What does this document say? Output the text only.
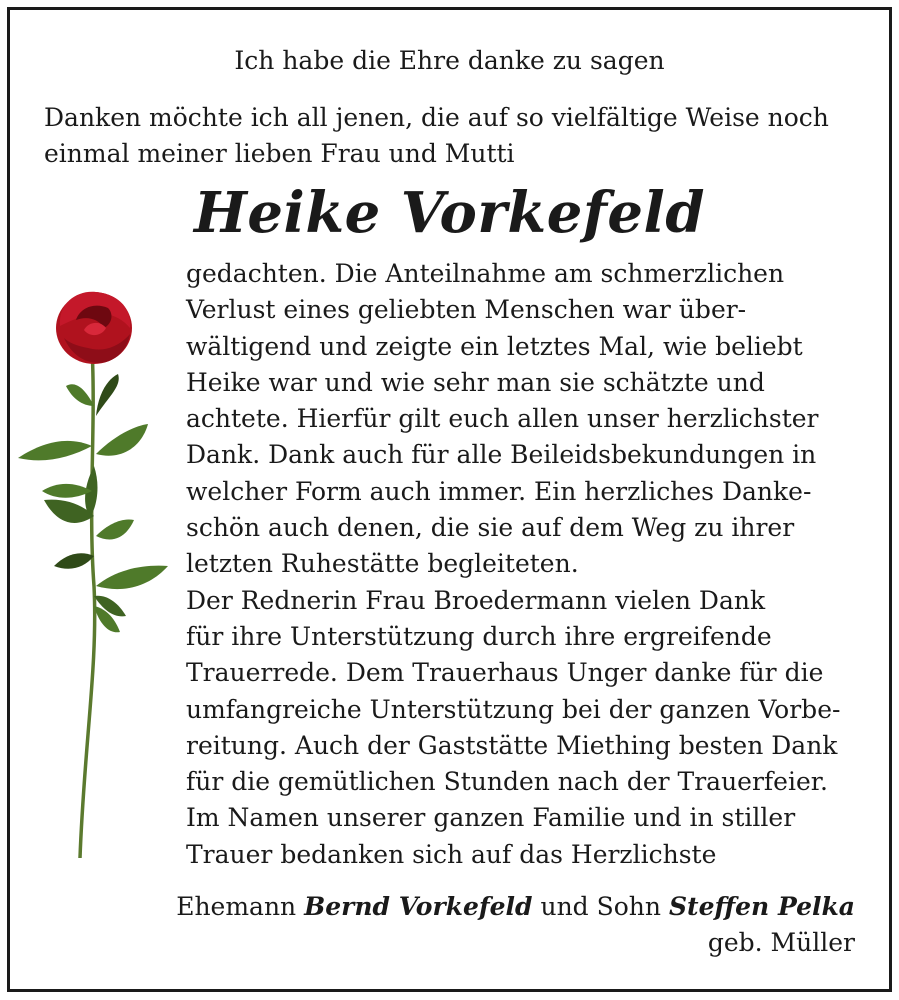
Ich habe die Ehre danke zu sagen
Danken möchte ich all jenen, die auf so vielfältige Weise noch
einmal meiner lieben Frau und Mutti
Heike Vorkefeld
gedachten. Die Anteilnahme am schmerzlichen
Verlust eines geliebten Menschen war über-
wältigend und zeigte ein letztes Mal, wie beliebt
Heike war und wie sehr man sie schätzte und
achtete. Hierfür gilt euch allen unser herzlichster
Dank. Dank auch für alle Beileidsbekundungen in
welcher Form auch immer. Ein herzliches Danke-
schön auch denen, die sie auf dem Weg zu ihrer
letzten Ruhestätte begleiteten.
Der Rednerin Frau Broedermann vielen Dank
für ihre Unterstützung durch ihre ergreifende
Trauerrede. Dem Trauerhaus Unger danke für die
umfangreiche Unterstützung bei der ganzen Vorbe-
reitung. Auch der Gaststätte Miething besten Dank
für die gemütlichen Stunden nach der Trauerfeier.
Im Namen unserer ganzen Familie und in stiller
Trauer bedanken sich auf das Herzlichste
Ehemann Bernd Vorkefeld und Sohn Steffen Pelka
geb. Müller
